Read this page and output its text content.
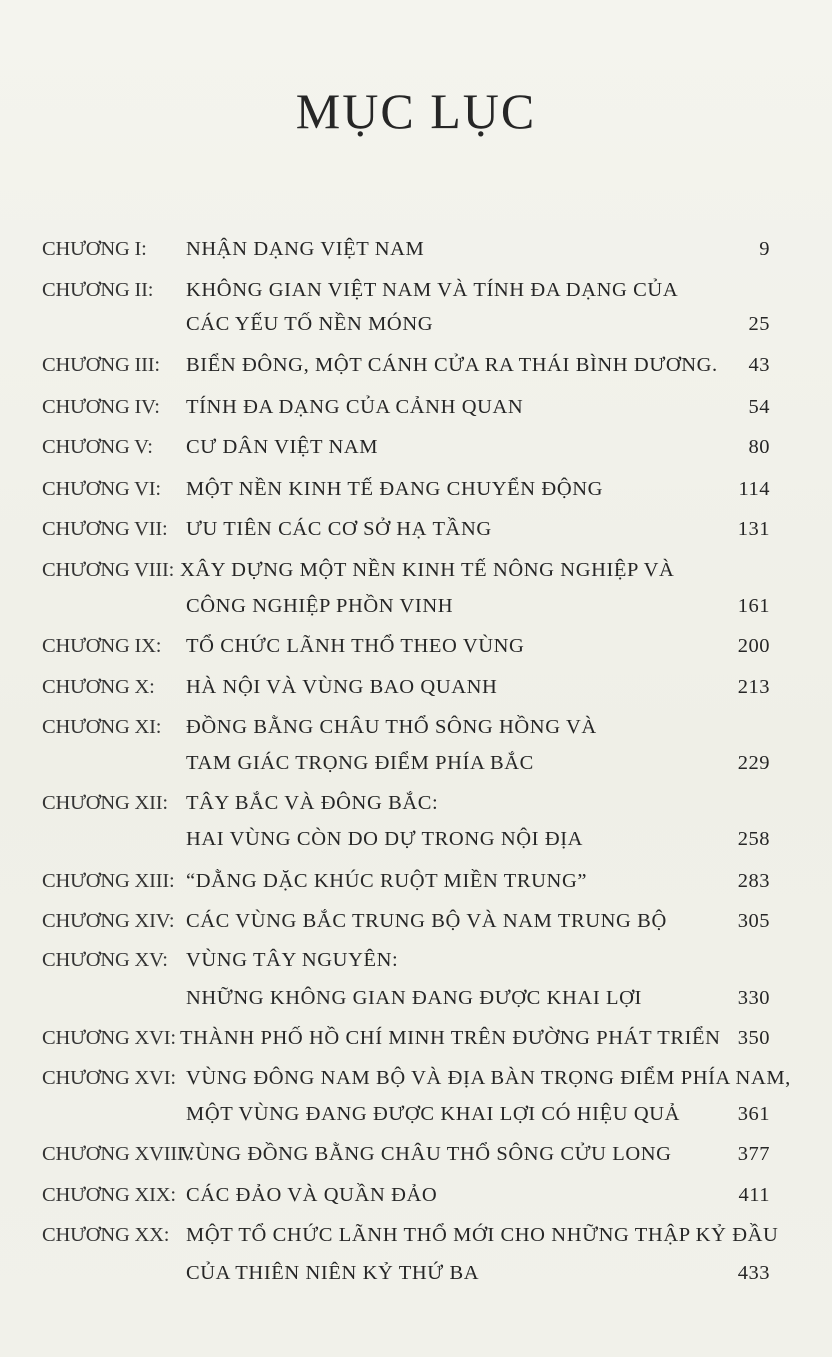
MỤC LỤC
CHƯƠNG I: NHẬN DẠNG VIỆT NAM	9
CHƯƠNG II: KHÔNG GIAN VIỆT NAM VÀ TÍNH ĐA DẠNG CỦA
CÁC YẾU TỐ NỀN MÓNG	25
CHƯƠNG III: BIỂN ĐÔNG, MỘT CÁNH CỬA RA THÁI BÌNH DƯƠNG. 43
CHƯƠNG IV: TÍNH ĐA DẠNG CỦA CẢNH QUAN	54
CHƯƠNG V: CƯ DÂN VIỆT NAM	80
CHƯƠNG VI: MỘT NỀN KINH TẾ ĐANG CHUYỂN ĐỘNG	114
CHƯƠNG VII: ƯU TIÊN CÁC CƠ SỞ HẠ TẦNG	131
CHƯƠNG VIII: XÂY DỰNG MỘT NỀN KINH TẾ NÔNG NGHIỆP VÀ
CÔNG NGHIỆP PHỒN VINH	161
CHƯƠNG IX: TỔ CHỨC LÃNH THỔ THEO VÙNG	200
CHƯƠNG X: HÀ NỘI VÀ VÙNG BAO QUANH	213
CHƯƠNG XI: ĐỒNG BẰNG CHÂU THỔ SÔNG HỒNG VÀ
TAM GIÁC TRỌNG ĐIỂM PHÍA BẮC	229
CHƯƠNG XII: TÂY BẮC VÀ ĐÔNG BẮC:
HAI VÙNG CÒN DO DỰ TRONG NỘI ĐỊA	258
CHƯƠNG XIII: “DẰNG DẶC KHÚC RUỘT MIỀN TRUNG”	283
CHƯƠNG XIV: CÁC VÙNG BẮC TRUNG BỘ VÀ NAM TRUNG BỘ	305
CHƯƠNG XV: VÙNG TÂY NGUYÊN:
NHỮNG KHÔNG GIAN ĐANG ĐƯỢC KHAI LỢI	330
CHƯƠNG XVI: THÀNH PHỐ HỒ CHÍ MINH TRÊN ĐƯỜNG PHÁT TRIỂN 350
CHƯƠNG XVI: VÙNG ĐÔNG NAM BỘ VÀ ĐỊA BÀN TRỌNG ĐIỂM PHÍA NAM,
MỘT VÙNG ĐANG ĐƯỢC KHAI LỢI CÓ HIỆU QUẢ	361
CHƯƠNG XVIII :
VÙNG ĐỒNG BẰNG CHÂU THỔ SÔNG CỬU LONG	377
CHƯƠNG XIX: CÁC ĐẢO VÀ QUẦN ĐẢO	411
CHƯƠNG XX: MỘT TỔ CHỨC LÃNH THỔ MỚI CHO NHỮNG THẬP KỶ ĐẦU
CỦA THIÊN NIÊN KỶ THỨ BA	433
